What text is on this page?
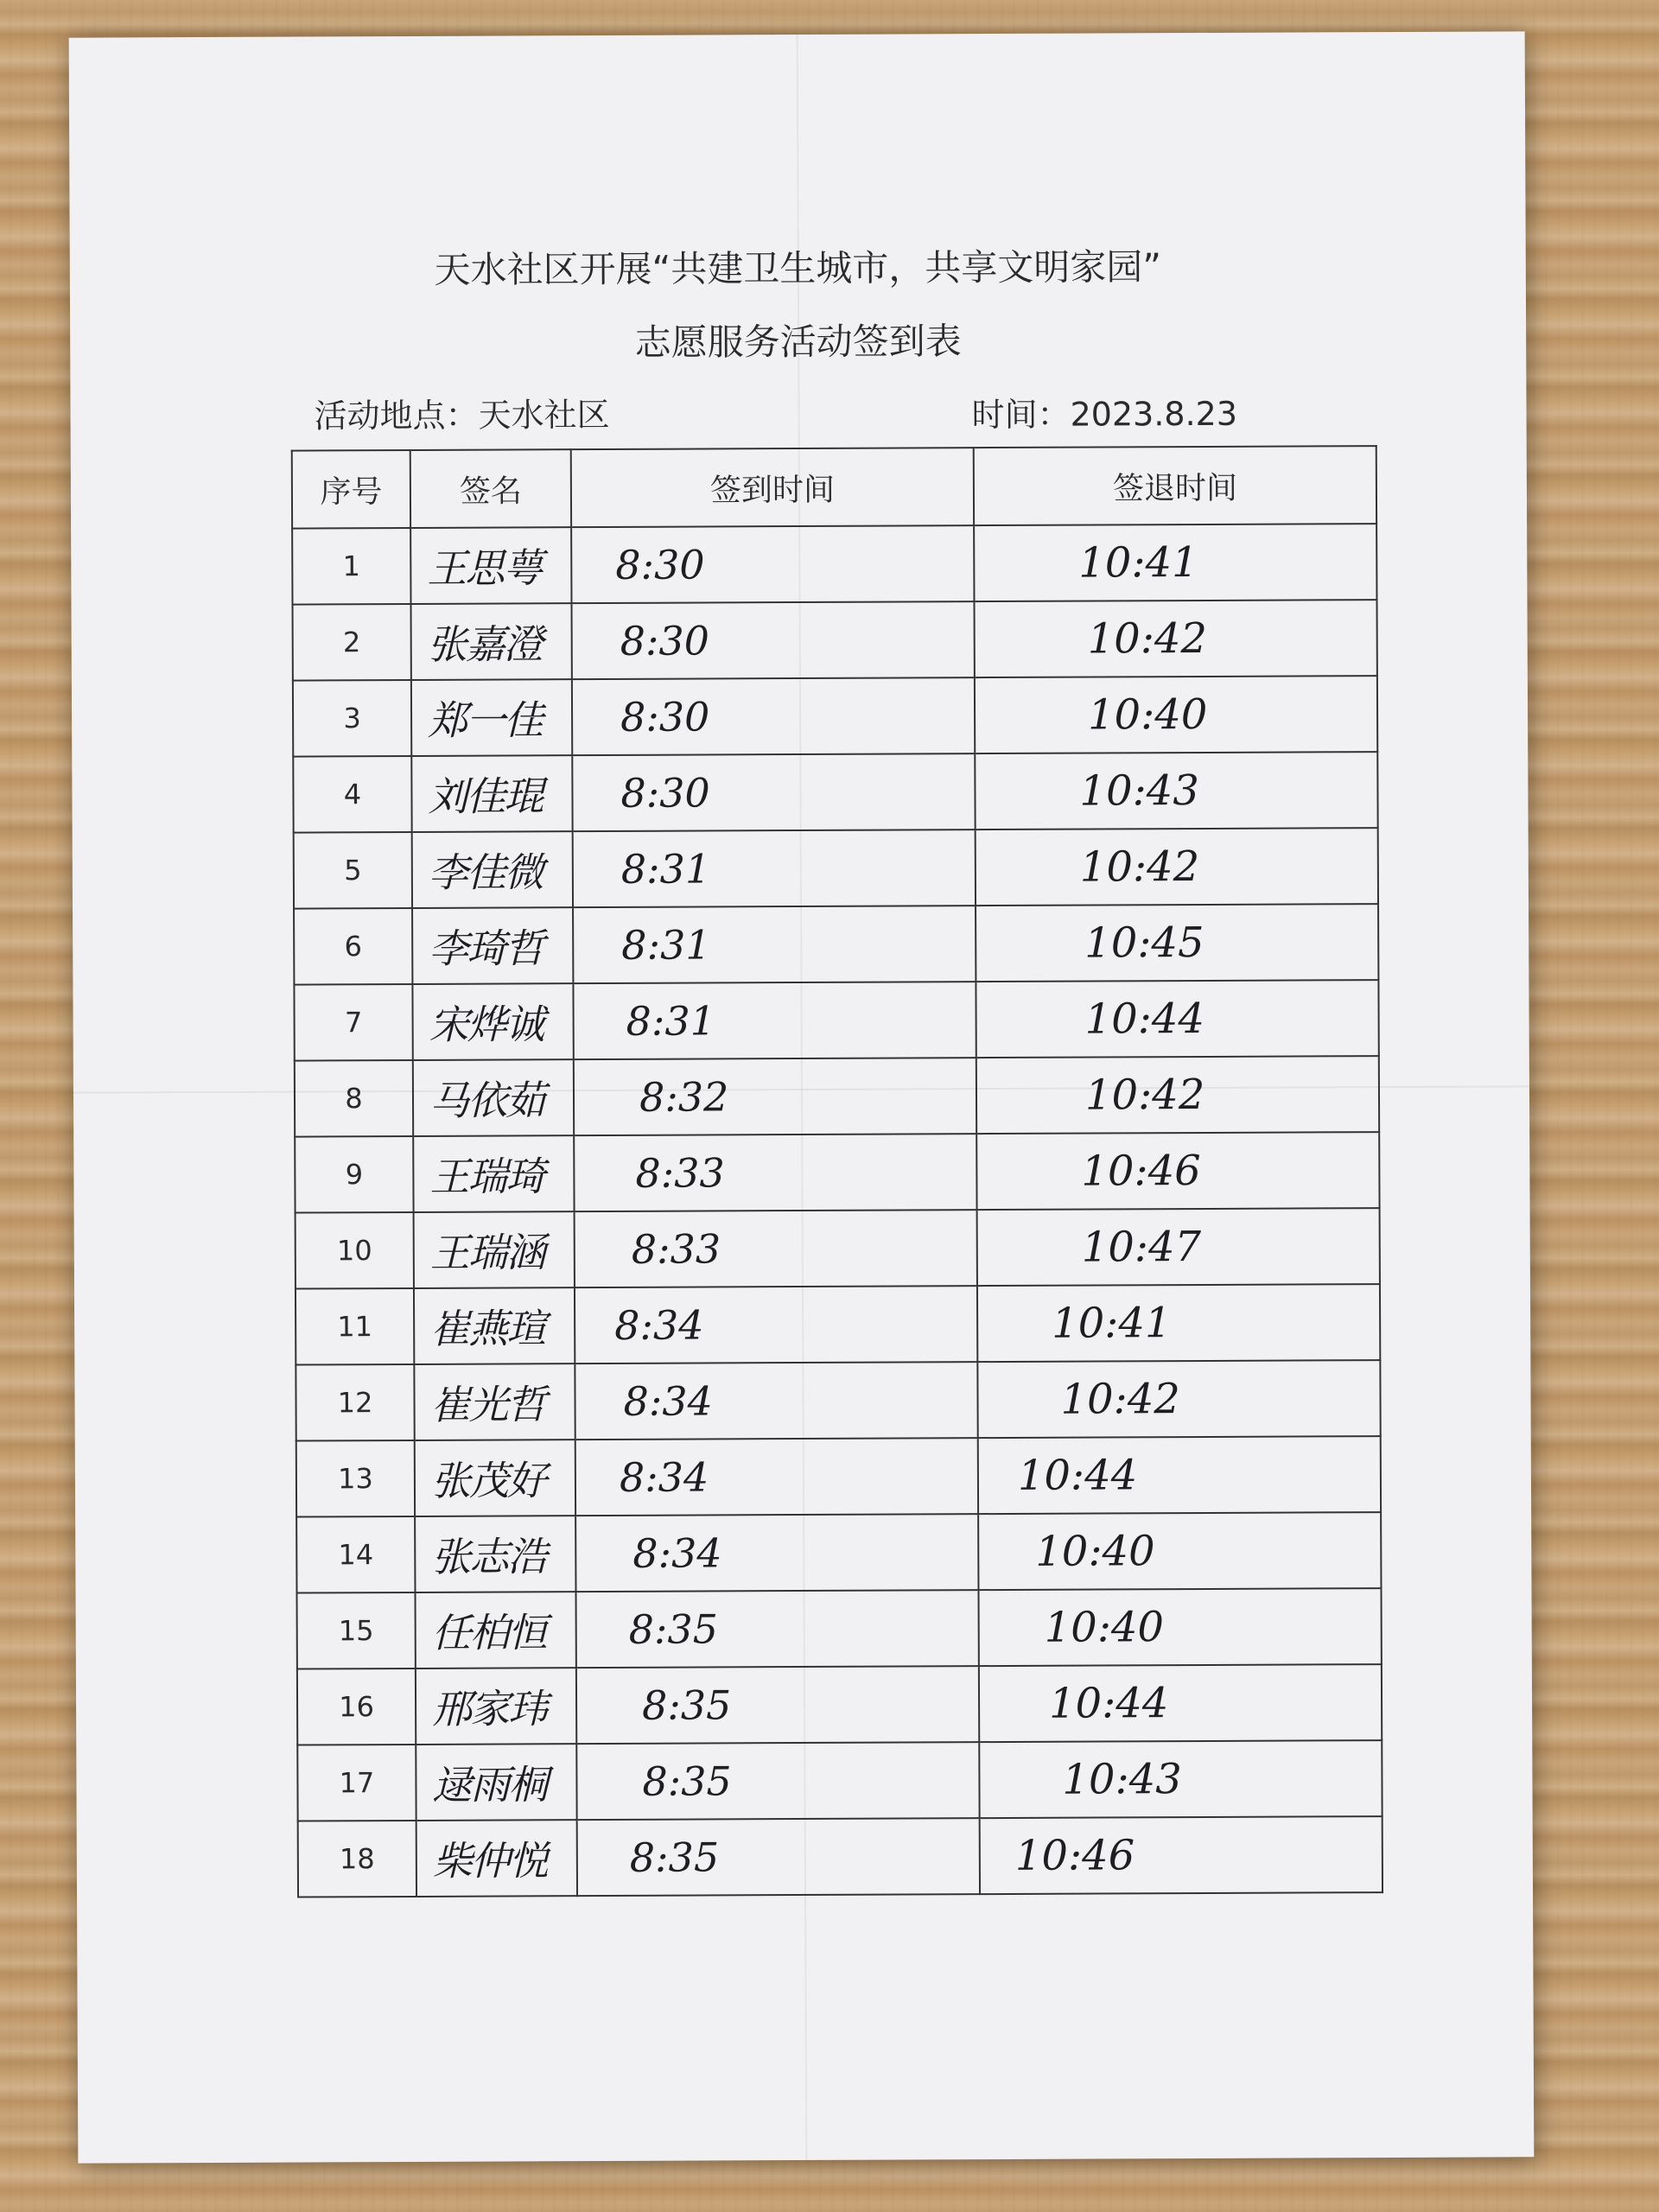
天水社区开展“共建卫生城市，共享文明家园”
志愿服务活动签到表
活动地点：天水社区	时间：2023.8.23
序号	签名	签到时间	签退时间
1	王思萼	8:30	10:41

2	张嘉澄	8:30	10:42

3	郑一佳	8:30	10:40

4	刘佳琨	8:30	10:43

5	李佳微	8:31	10:42

6	李琦哲	8:31	10:45

7	宋烨诚	8:31	10:44

8	马依茹	8:32	10:42

9	王瑞琦	8:33	10:46

10	王瑞涵	8:33	10:47

11	崔燕瑄	8:34	10:41

12	崔光哲	8:34	10:42

13	张茂好	8:34	10:44

14	张志浩	8:34	10:40

15	任柏恒	8:35	10:40

16	邢家玮	8:35	10:44

17	逯雨桐	8:35	10:43

18	柴仲悦	8:35	10:46
